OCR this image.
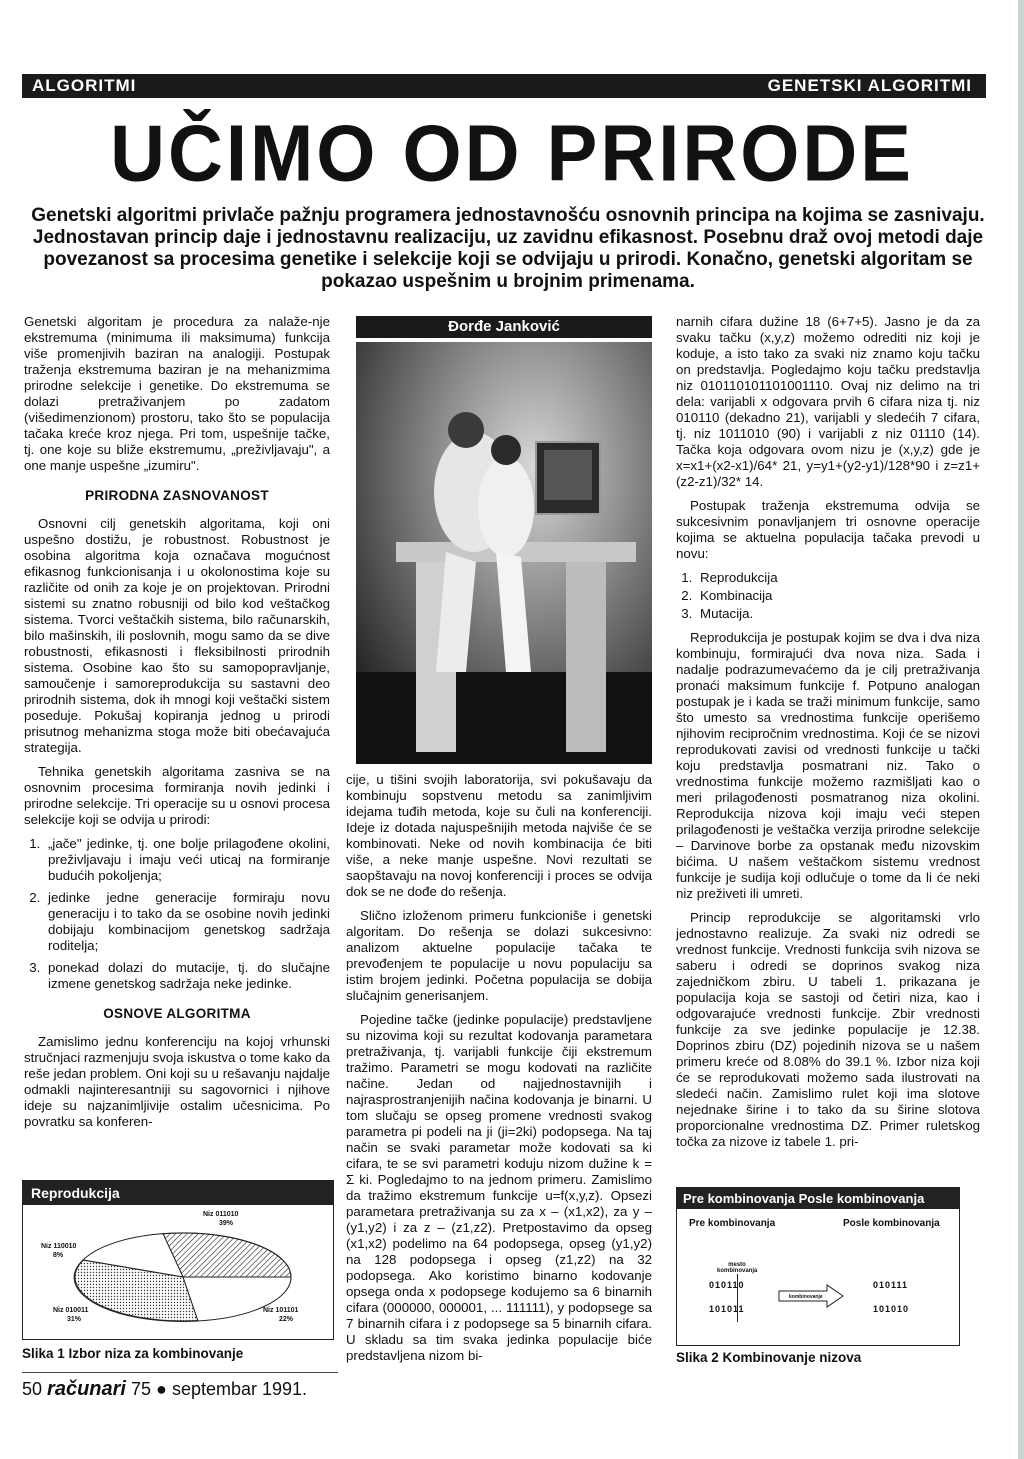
ALGORITMI	GENETSKI ALGORITMI
UČIMO OD PRIRODE
Genetski algoritmi privlače pažnju programera jednostavnošću osnovnih principa na kojima se zasnivaju. Jednostavan princip daje i jednostavnu realizaciju, uz zavidnu efikasnost. Posebnu draž ovoj metodi daje povezanost sa procesima genetike i selekcije koji se odvijaju u prirodi. Konačno, genetski algoritam se pokazao uspešnim u brojnim primenama.

Genetski algoritam je procedura za nalaže-nje ekstremuma (minimuma ili maksimuma) funkcija više promenjivih baziran na analogiji. Postupak traženja ekstremuma baziran je na mehanizmima prirodne selekcije i genetike. Do ekstremuma se dolazi pretraživanjem po zadatom (višedimenzionom) prostoru, tako što se populacija tačaka kreće kroz njega. Pri tom, uspešnije tačke, tj. one koje su bliže ekstremumu, „preživljavaju", a one manje uspešne „izumiru".

PRIRODNA ZASNOVANOST

Osnovni cilj genetskih algoritama, koji oni uspešno dostižu, je robustnost. Robustnost je osobina algoritma koja označava mogućnost efikasnog funkcionisanja i u okolonostima koje su različite od onih za koje je on projektovan. Prirodni sistemi su znatno robusniji od bilo kod veštačkog sistema. Tvorci veštačkih sistema, bilo računarskih, bilo mašinskih, ili poslovnih, mogu samo da se dive robustnosti, efikasnosti i fleksibilnosti prirodnih sistema. Osobine kao što su samopopravljanje, samoučenje i samoreprodukcija su sastavni deo prirodnih sistema, dok ih mnogi koji veštački sistem poseduje. Pokušaj kopiranja jednog u prirodi prisutnog mehanizma stoga može biti obećavajuća strategija.

Tehnika genetskih algoritama zasniva se na osnovnim procesima formiranja novih jedinki i prirodne selekcije. Tri operacije su u osnovi procesa selekcije koji se odvija u prirodi:

1. „jače" jedinke, tj. one bolje prilagođene okolini, preživljavaju i imaju veći uticaj na formiranje budućih pokoljenja;
2. jedinke jedne generacije formiraju novu generaciju i to tako da se osobine novih jedinki dobijaju kombinacijom genetskog sadržaja roditelja;
3. ponekad dolazi do mutacije, tj. do slučajne izmene genetskog sadržaja neke jedinke.
OSNOVE ALGORITMA

Zamislimo jednu konferenciju na kojoj vrhunski stručnjaci razmenjuju svoja iskustva o tome kako da reše jedan problem. Oni koji su u rešavanju najdalje odmakli najinteresantniji su sagovornici i njihove ideje su najzanimljivije ostalim učesnicima. Po povratku sa konferen-

Đorđe Janković

cije, u tišini svojih laboratorija, svi pokušavaju da kombinuju sopstvenu metodu sa zanimljivim idejama tuđih metoda, koje su čuli na konferenciji. Ideje iz dotada najuspešnijih metoda najviše će se kombinovati. Neke od novih kombinacija će biti više, a neke manje uspešne. Novi rezultati se saopštavaju na novoj konferenciji i proces se odvija dok se ne dođe do rešenja.

Slično izloženom primeru funkcioniše i genetski algoritam. Do rešenja se dolazi sukcesivno: analizom aktuelne populacije tačaka te prevođenjem te populacije u novu populaciju sa istim brojem jedinki. Početna populacija se dobija slučajnim generisanjem.

Pojedine tačke (jedinke populacije) predstavljene su nizovima koji su rezultat kodovanja parametara pretraživanja, tj. varijabli funkcije čiji ekstremum tražimo. Parametri se mogu kodovati na različite načine. Jedan od najjednostavnijih i najrasprostranjenijih načina kodovanja je binarni. U tom slučaju se opseg promene vrednosti svakog parametra pi podeli na ji (ji=2ki) podopsega. Na taj način se svaki parametar može kodovati sa ki cifara, te se svi parametri koduju nizom dužine k = Σ ki. Pogledajmo to na jednom primeru. Zamislimo da tražimo ekstremum funkcije u=f(x,y,z). Opsezi parametara pretraživanja su za x – (x1,x2), za y – (y1,y2) i za z – (z1,z2). Pretpostavimo da opseg (x1,x2) podelimo na 64 podopsega, opseg (y1,y2) na 128 podopsega i opseg (z1,z2) na 32 podopsega. Ako koristimo binarno kodovanje opsega onda x podopsege kodujemo sa 6 binarnih cifara (000000, 000001, ... 111111), y podopsege sa 7 binarnih cifara i z podopsege sa 5 binarnih cifara. U skladu sa tim svaka jedinka populacije biće predstavljena nizom bi-

narnih cifara dužine 18 (6+7+5). Jasno je da za svaku tačku (x,y,z) možemo odrediti niz koji je koduje, a isto tako za svaki niz znamo koju tačku on predstavlja. Pogledajmo koju tačku predstavlja niz 010110101101001110. Ovaj niz delimo na tri dela: varijabli x odgovara prvih 6 cifara niza tj. niz 010110 (dekadno 21), varijabli y sledećih 7 cifara, tj. niz 1011010 (90) i varijabli z niz 01110 (14). Tačka koja odgovara ovom nizu je (x,y,z) gde je x=x1+(x2-x1)/64* 21, y=y1+(y2-y1)/128*90 i z=z1+(z2-z1)/32* 14.

Postupak traženja ekstremuma odvija se sukcesivnim ponavljanjem tri osnovne operacije kojima se aktuelna populacija tačaka prevodi u novu:

1. Reprodukcija
2. Kombinacija
3. Mutacija.

Reprodukcija je postupak kojim se dva i dva niza kombinuju, formirajući dva nova niza. Sada i nadalje podrazumevaćemo da je cilj pretraživanja pronaći maksimum funkcije f. Potpuno analogan postupak je i kada se traži minimum funkcije, samo što umesto sa vrednostima funkcije operišemo njihovim recipročnim vrednostima. Koji će se nizovi reprodukovati zavisi od vrednosti funkcije u tački koju predstavlja posmatrani niz. Tako o vrednostima funkcije možemo razmišljati kao o meri prilagođenosti posmatranog niza okolini. Reprodukcija nizova koji imaju veći stepen prilagođenosti je veštačka verzija prirodne selekcije – Darvinove borbe za opstanak među nizovskim bićima. U našem veštačkom sistemu vrednost funkcije je sudija koji odlučuje o tome da li će neki niz preživeti ili umreti.

Princip reprodukcije se algoritamski vrlo jednostavno realizuje. Za svaki niz odredi se vrednost funkcije. Vrednosti funkcija svih nizova se saberu i odredi se doprinos svakog niza zajedničkom zbiru. U tabeli 1. prikazana je populacija koja se sastoji od četiri niza, kao i odgovarajuće vrednosti funkcije. Zbir vrednosti funkcije za sve jedinke populacije je 12.38. Doprinos zbiru (DZ) pojedinih nizova se u našem primeru kreće od 8.08% do 39.1 %. Izbor niza koji će se reprodukovati možemo sada ilustrovati na sledeći način. Zamislimo rulet koji ima slotove nejednake širine i to tako da su širine slotova proporcionalne vrednostima DZ. Primer ruletskog točka za nizove iz tabele 1. pri-

Reprodukcija
Niz 011010
39%
Niz 110010
8%
Niz 010011
31%
Niz 101101
22%
Slika 1 Izbor niza za kombinovanje
Pre kombinovanja Posle kombinovanja
Pre kombinovanja	Posle kombinovanja
mesto kombinovanja
010110
101011
010111
101010
kombinovanje
Slika 2 Kombinovanje nizova
50 računari 75 ● septembar 1991.
